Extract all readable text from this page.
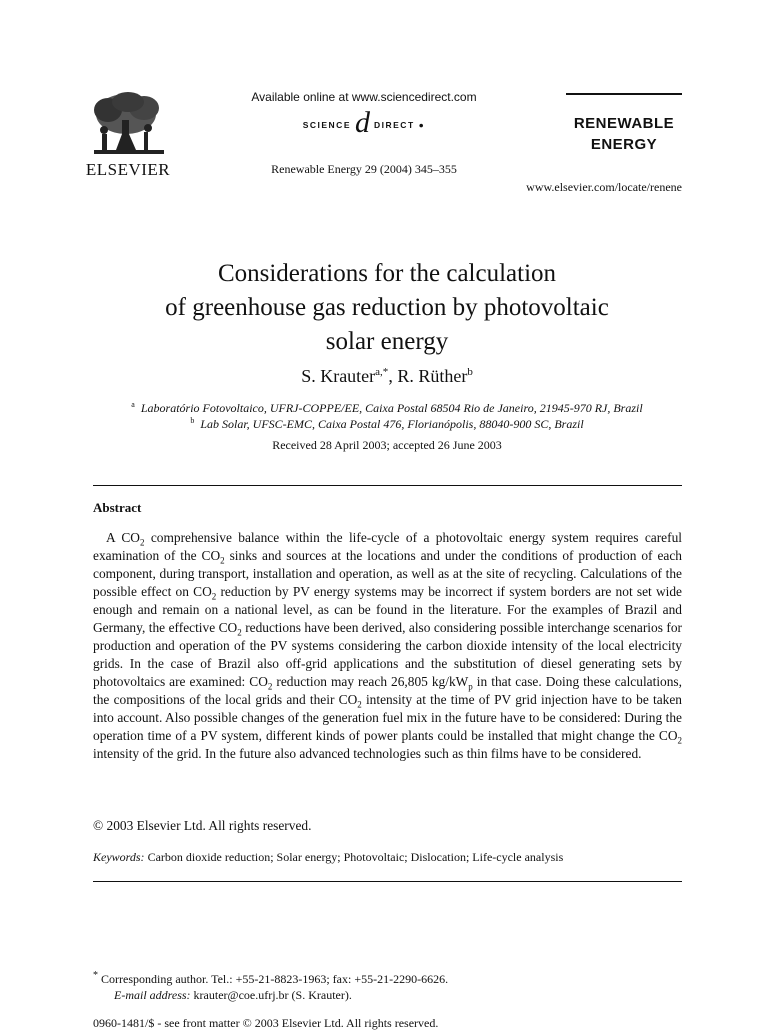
ELSEVIER
Available online at www.sciencedirect.com
SCIENCE d DIRECT ●
Renewable Energy 29 (2004) 345–355
RENEWABLE
ENERGY
www.elsevier.com/locate/renene
Considerations for the calculation
of greenhouse gas reduction by photovoltaic
solar energy
S. Krauter$^{a,*}$, R. Rüther$^b$
$^a$ Laboratório Fotovoltaico, UFRJ-COPPE/EE, Caixa Postal 68504 Rio de Janeiro, 21945-970 RJ, Brazil
$^b$ Lab Solar, UFSC-EMC, Caixa Postal 476, Florianópolis, 88040-900 SC, Brazil
Received 28 April 2003; accepted 26 June 2003
Abstract

A $CO_2$ comprehensive balance within the life-cycle of a photovoltaic energy system requires careful examination of the $CO_2$ sinks and sources at the locations and under the conditions of production of each component, during transport, installation and operation, as well as at the site of recycling. Calculations of the possible effect on $CO_2$ reduction by PV energy systems may be incorrect if system borders are not set wide enough and remain on a national level, as can be found in the literature. For the examples of Brazil and Germany, the effective $CO_2$ reductions have been derived, also considering possible interchange scenarios for production and operation of the PV systems considering the carbon dioxide intensity of the local electricity grids. In the case of Brazil also off-grid applications and the substitution of diesel generating sets by photovoltaics are examined: $CO_2$ reduction may reach 26,805 $kg/kW_p$ in that case. Doing these calculations, the compositions of the local grids and their $CO_2$ intensity at the time of PV grid injection have to be taken into account. Also possible changes of the generation fuel mix in the future have to be considered: During the operation time of a PV system, different kinds of power plants could be installed that might change the $CO_2$ intensity of the grid. In the future also advanced technologies such as thin films have to be considered.

© 2003 Elsevier Ltd. All rights reserved.
Keywords: Carbon dioxide reduction; Solar energy; Photovoltaic; Dislocation; Life-cycle analysis
* Corresponding author. Tel.: +55-21-8823-1963; fax: +55-21-2290-6626.
E-mail address: krauter@coe.ufrj.br (S. Krauter).
0960-1481/$ - see front matter © 2003 Elsevier Ltd. All rights reserved.
